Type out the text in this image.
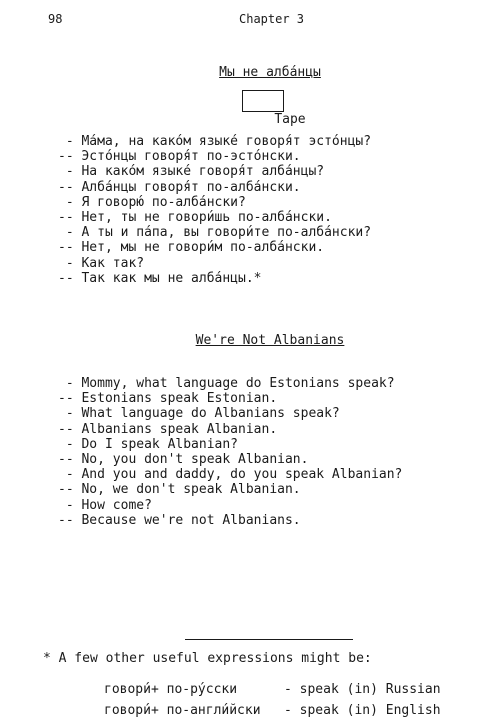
98	Chapter 3
Мы не алба́нцы

Tape

- Ма́ма, на како́м языке́ говоря́т эсто́нцы?
-- Эсто́нцы говоря́т по-эсто́нски.
- На како́м языке́ говоря́т алба́нцы?
-- Алба́нцы говоря́т по-алба́нски.
- Я говорю́ по-алба́нски?
-- Нет, ты не говори́шь по-алба́нски.
- А ты и па́па, вы говори́те по-алба́нски?
-- Нет, мы не говори́м по-алба́нски.
- Как так?
-- Так как мы не алба́нцы.*
We're Not Albanians
- Mommy, what language do Estonians speak?
-- Estonians speak Estonian.
- What language do Albanians speak?
-- Albanians speak Albanian.
- Do I speak Albanian?
-- No, you don't speak Albanian.
- And you and daddy, do you speak Albanian?
-- No, we don't speak Albanian.
- How come?
-- Because we're not Albanians.
* A few other useful expressions might be:
говори́+ по-ру́сски	- speak (in) Russian
говори́+ по-англи́йски	- speak (in) English
